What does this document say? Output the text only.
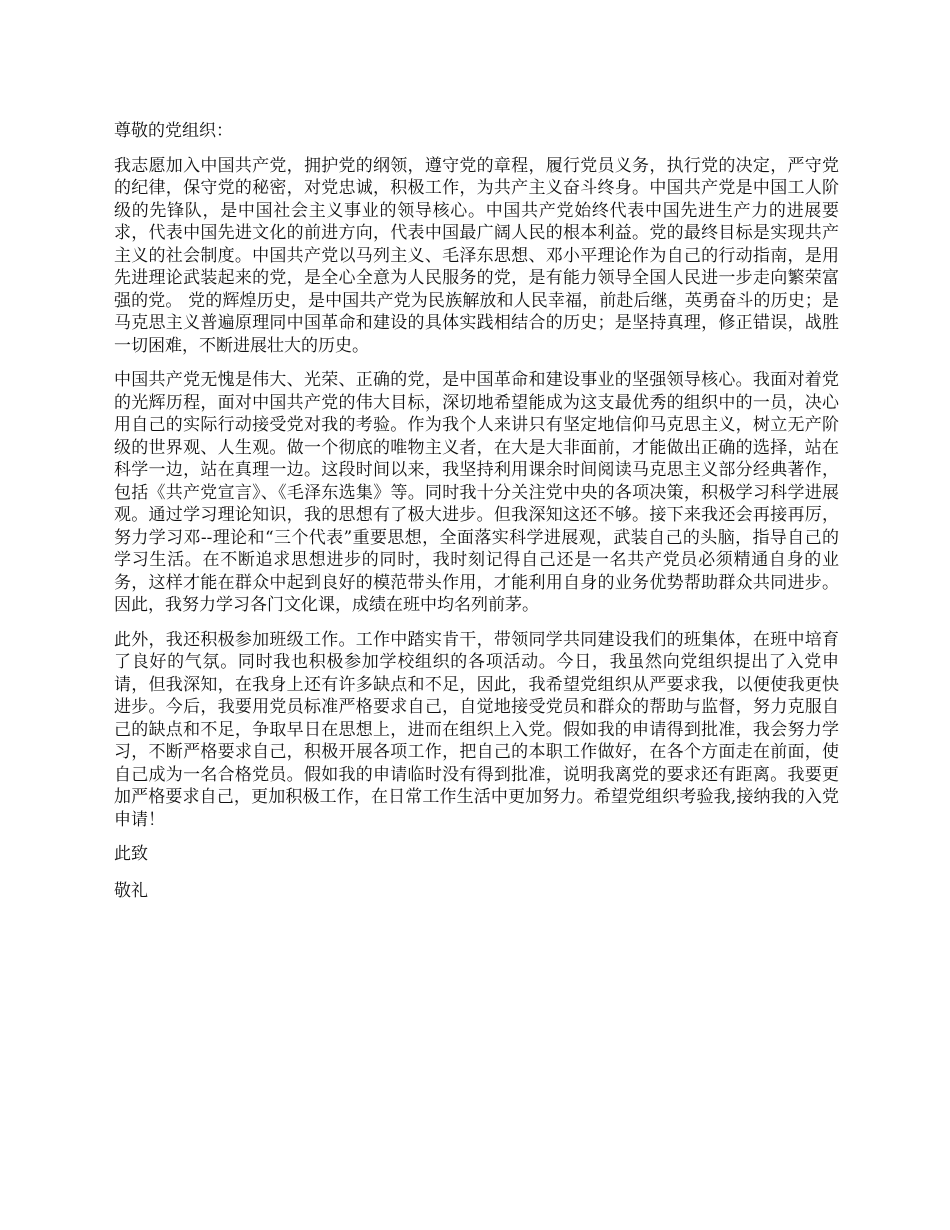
尊敬的党组织：

我志愿加入中国共产党，拥护党的纲领，遵守党的章程，履行党员义务，执行党的决定，严守党的纪律，保守党的秘密，对党忠诚，积极工作，为共产主义奋斗终身。中国共产党是中国工人阶级的先锋队，是中国社会主义事业的领导核心。中国共产党始终代表中国先进生产力的进展要求，代表中国先进文化的前进方向，代表中国最广阔人民的根本利益。党的最终目标是实现共产主义的社会制度。中国共产党以马列主义、毛泽东思想、邓小平理论作为自己的行动指南，是用先进理论武装起来的党，是全心全意为人民服务的党，是有能力领导全国人民进一步走向繁荣富强的党。 党的辉煌历史，是中国共产党为民族解放和人民幸福，前赴后继，英勇奋斗的历史；是马克思主义普遍原理同中国革命和建设的具体实践相结合的历史；是坚持真理，修正错误，战胜一切困难，不断进展壮大的历史。

中国共产党无愧是伟大、光荣、正确的党，是中国革命和建设事业的坚强领导核心。我面对着党的光辉历程，面对中国共产党的伟大目标，深切地希望能成为这支最优秀的组织中的一员，决心用自己的实际行动接受党对我的考验。作为我个人来讲只有坚定地信仰马克思主义，树立无产阶级的世界观、人生观。做一个彻底的唯物主义者，在大是大非面前，才能做出正确的选择，站在科学一边，站在真理一边。这段时间以来，我坚持利用课余时间阅读马克思主义部分经典著作，包括《共产党宣言》、《毛泽东选集》等。同时我十分关注党中央的各项决策，积极学习科学进展观。通过学习理论知识，我的思想有了极大进步。但我深知这还不够。接下来我还会再接再厉，努力学习邓--理论和“三个代表”重要思想，全面落实科学进展观，武装自己的头脑，指导自己的学习生活。在不断追求思想进步的同时，我时刻记得自己还是一名共产党员必须精通自身的业务，这样才能在群众中起到良好的模范带头作用，才能利用自身的业务优势帮助群众共同进步。因此，我努力学习各门文化课，成绩在班中均名列前茅。

此外，我还积极参加班级工作。工作中踏实肯干，带领同学共同建设我们的班集体，在班中培育了良好的气氛。同时我也积极参加学校组织的各项活动。今日，我虽然向党组织提出了入党申请，但我深知，在我身上还有许多缺点和不足，因此，我希望党组织从严要求我，以便使我更快进步。今后，我要用党员标准严格要求自己，自觉地接受党员和群众的帮助与监督，努力克服自己的缺点和不足，争取早日在思想上，进而在组织上入党。假如我的申请得到批准，我会努力学习，不断严格要求自己，积极开展各项工作，把自己的本职工作做好，在各个方面走在前面，使自己成为一名合格党员。假如我的申请临时没有得到批准，说明我离党的要求还有距离。我要更加严格要求自己，更加积极工作，在日常工作生活中更加努力。希望党组织考验我,接纳我的入党申请！

此致

敬礼
